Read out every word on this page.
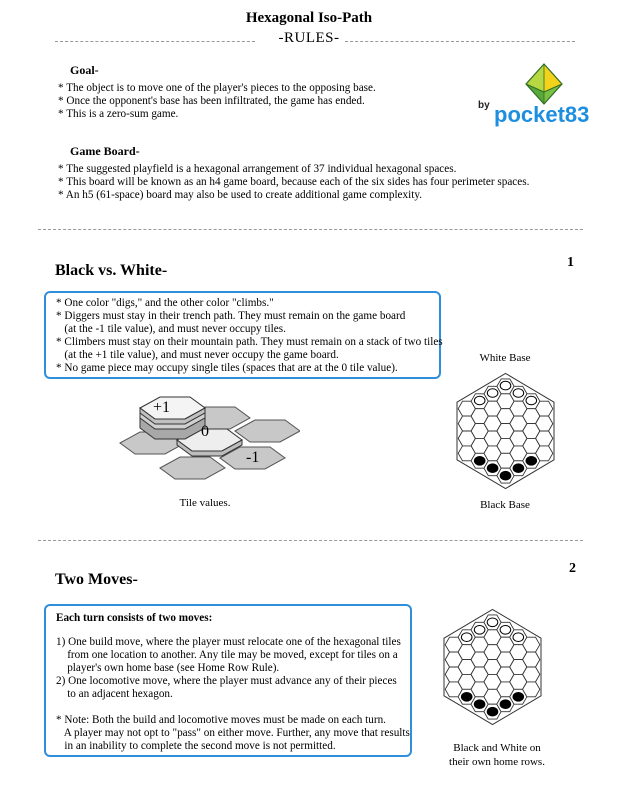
Hexagonal Iso-Path
-RULES-
by pocket83
Goal-
* The object is to move one of the player's pieces to the opposing base.
* Once the opponent's base has been infiltrated, the game has ended.
* This is a zero-sum game.
Game Board-
* The suggested playfield is a hexagonal arrangement of 37 individual hexagonal spaces.
* This board will be known as an h4 game board, because each of the six sides has four perimeter spaces.
* An h5 (61-space) board may also be used to create additional game complexity.
Black vs. White-	1
* One color "digs," and the other color "climbs."
* Diggers must stay in their trench path. They must remain on the game board
(at the -1 tile value), and must never occupy tiles.
* Climbers must stay on their mountain path. They must remain on a stack of two tiles
(at the +1 tile value), and must never occupy the game board.
* No game piece may occupy single tiles (spaces that are at the 0 tile value).
+1
0
-1
Tile values.
White Base
Black Base
Two Moves-
2
Each turn consists of two moves:
1) One build move, where the player must relocate one of the hexagonal tiles
from one location to another. Any tile may be moved, except for tiles on a
player's own home base (see Home Row Rule).
2) One locomotive move, where the player must advance any of their pieces
to an adjacent hexagon.
* Note: Both the build and locomotive moves must be made on each turn.
A player may not opt to "pass" on either move. Further, any move that results
in an inability to complete the second move is not permitted.	Black and White on
their own home rows.
